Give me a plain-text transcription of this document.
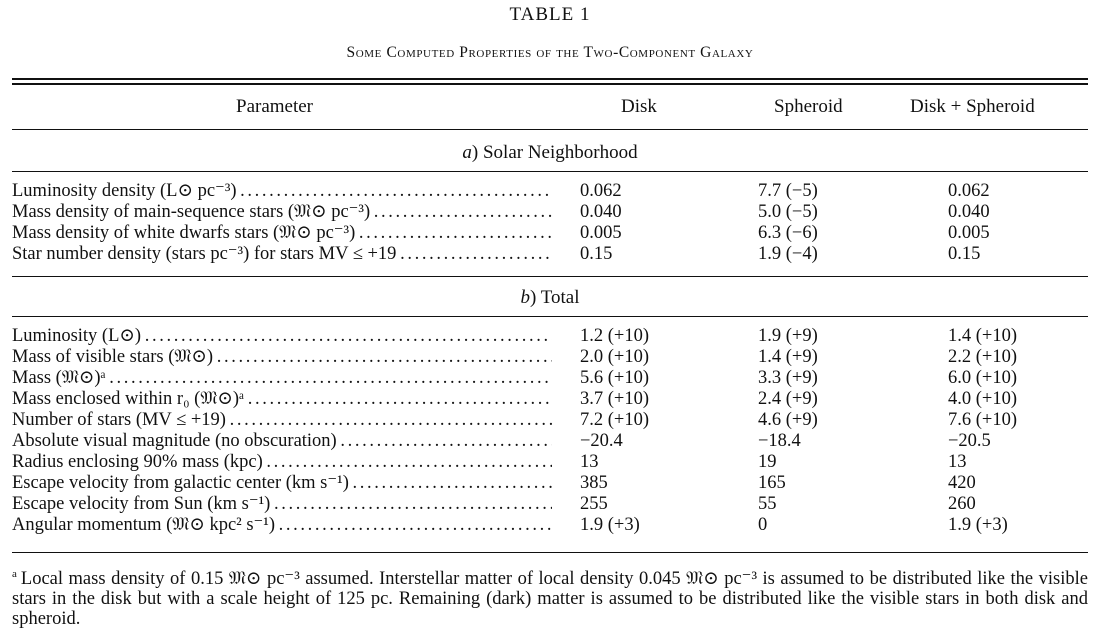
TABLE 1
Some Computed Properties of the Two-Component Galaxy
Parameter	Disk	Spheroid	Disk + Spheroid
a) Solar Neighborhood
Luminosity density (L⊙ pc⁻³) . . .	0.062	7.7 (−5)	0.062
Mass density of main-sequence stars (𝔐⊙ pc⁻³) . . .	0.040	5.0 (−5)	0.040
Mass density of white dwarfs stars (𝔐⊙ pc⁻³) . . .	0.005	6.3 (−6)	0.005
Star number density (stars pc⁻³) for stars MV ≤ +19 . . .	0.15	1.9 (−4)	0.15
b) Total
Luminosity (L⊙) . . .	1.2 (+10)	1.9 (+9)	1.4 (+10)
Mass of visible stars (𝔐⊙) . . .	2.0 (+10)	1.4 (+9)	2.2 (+10)
Mass (𝔐⊙)ᵃ . . .	5.6 (+10)	3.3 (+9)	6.0 (+10)
Mass enclosed within r₀ (𝔐⊙)ᵃ . . .	3.7 (+10)	2.4 (+9)	4.0 (+10)
Number of stars (MV ≤ +19) . . .	7.2 (+10)	4.6 (+9)	7.6 (+10)
Absolute visual magnitude (no obscuration) . . .	−20.4	−18.4	−20.5
Radius enclosing 90% mass (kpc) . . .	13	19	13
Escape velocity from galactic center (km s⁻¹) . . .	385	165	420
Escape velocity from Sun (km s⁻¹) . . .	255	55	260
Angular momentum (𝔐⊙ kpc² s⁻¹) . . .	1.9 (+3)	0	1.9 (+3)
$^a$ Local mass density of 0.15 𝔐⊙ pc⁻³ assumed. Interstellar matter of local density 0.045 𝔐⊙ pc⁻³ is assumed to be distributed like the visible stars in the disk but with a scale height of 125 pc. Remaining (dark) matter is assumed to be distributed like the visible stars in both disk and spheroid.
